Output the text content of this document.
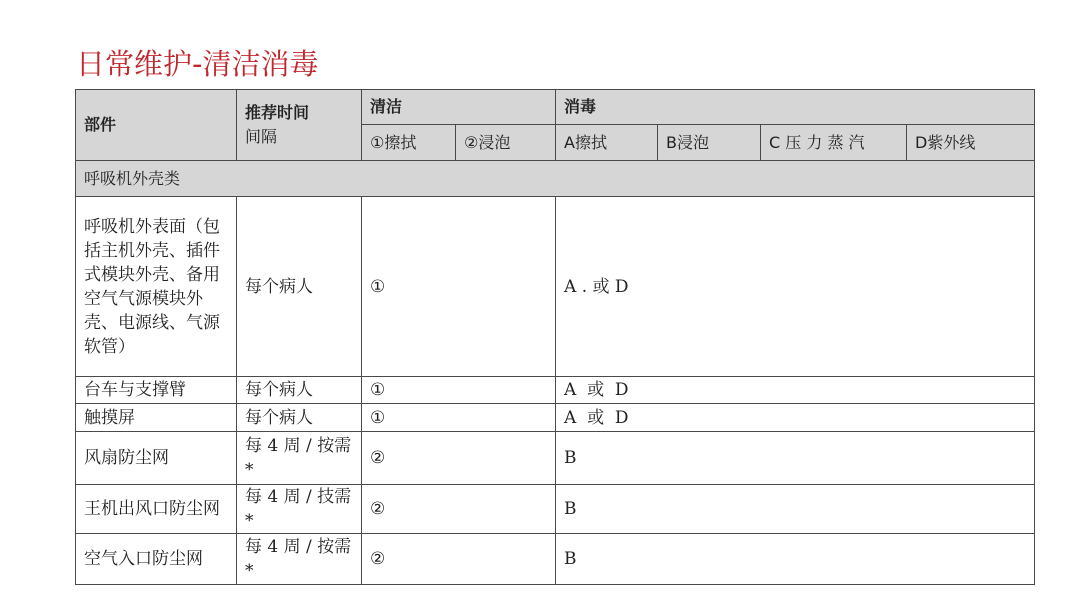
日常维护-清洁消毒
部件	推荐时间
间隔	清洁		消毒			
		①擦拭	②浸泡	A擦拭	B浸泡	C 压 力 蒸 汽	D紫外线
呼吸机外壳类							
呼吸机外表面（包括主机外壳、插件式模块外壳、备用空气气源模块外壳、电源线、气源软管）	每个病人	①		A . 或 D			
台车与支撑臂	每个病人	①		A  或  D			
触摸屏	每个病人	①		A  或  D			
风扇防尘网	每 4 周 / 按需*	②		B			
王机出风口防尘网	每 4 周 / 技需*	②		B			
空气入口防尘网	每 4 周 / 按需*	②		B			
